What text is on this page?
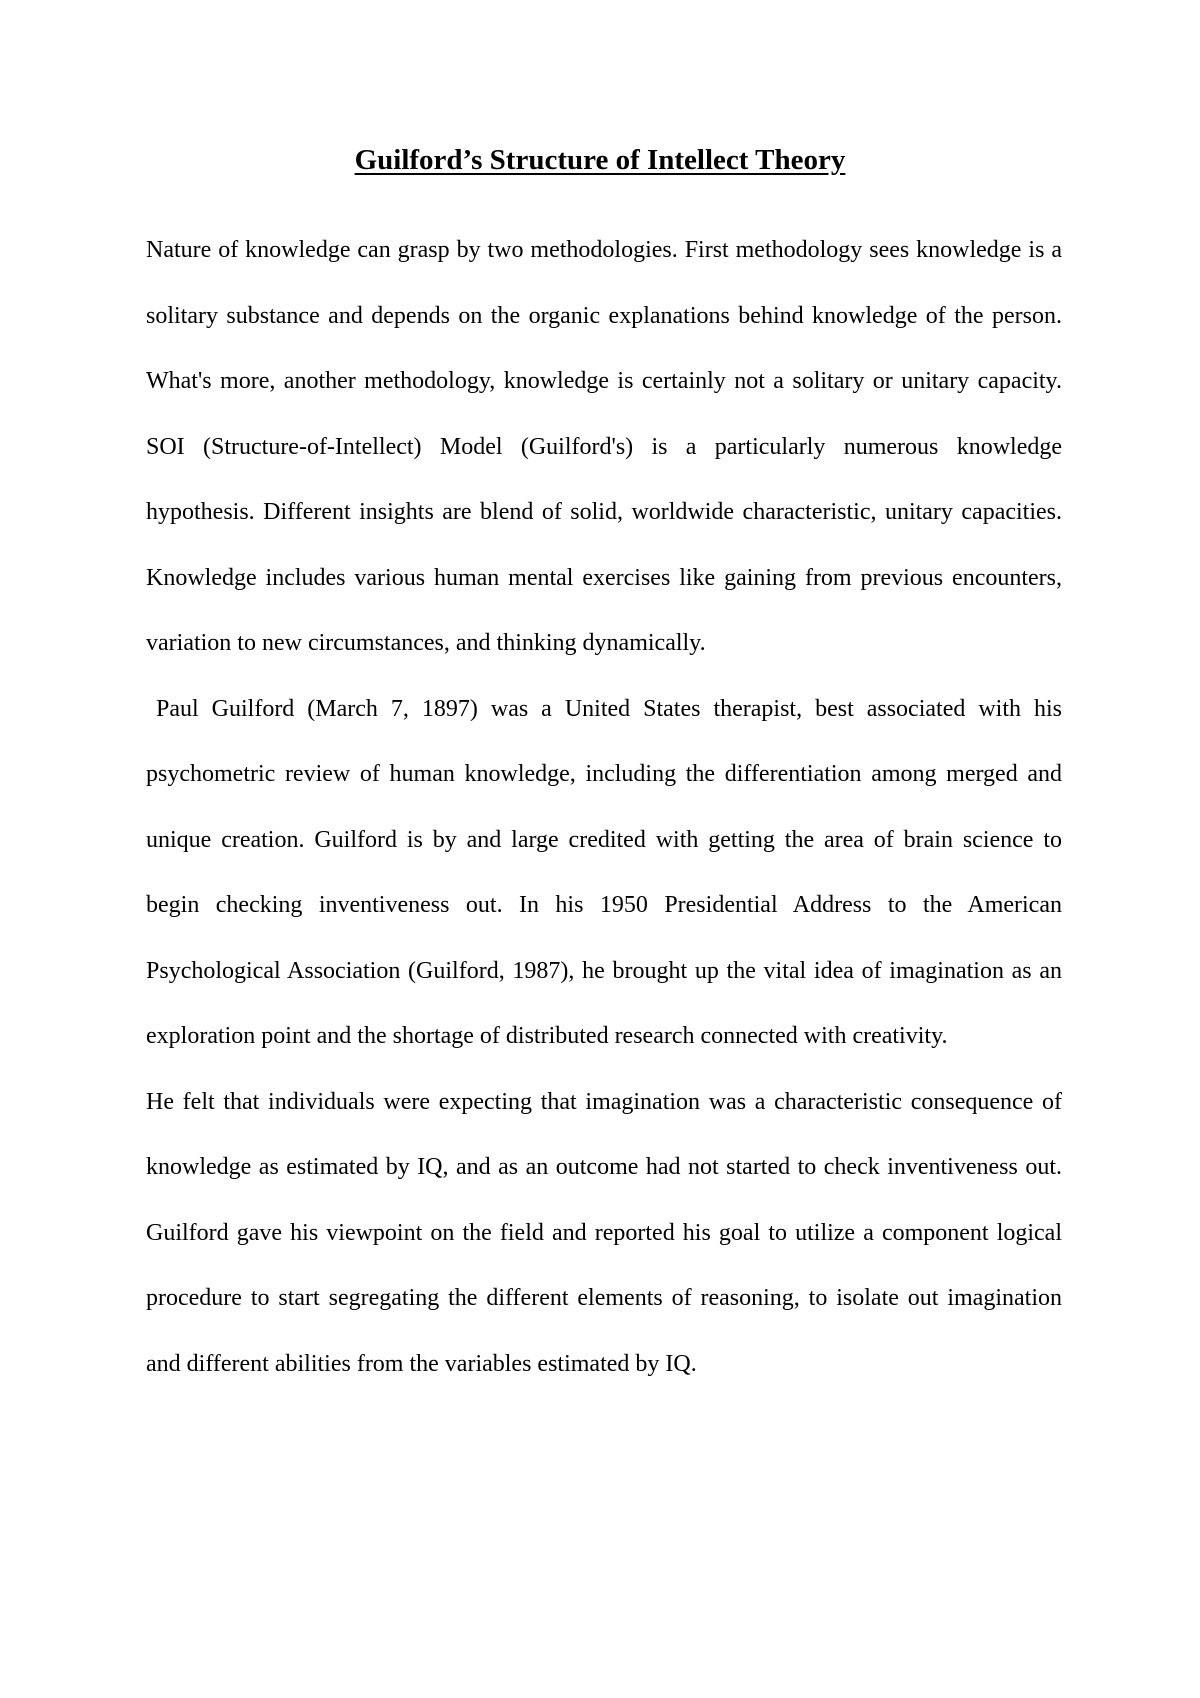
Guilford’s Structure of Intellect Theory

Nature of knowledge can grasp by two methodologies. First methodology sees knowledge is a solitary substance and depends on the organic explanations behind knowledge of the person. What's more, another methodology, knowledge is certainly not a solitary or unitary capacity. SOI (Structure-of-Intellect) Model (Guilford's) is a particularly numerous knowledge hypothesis. Different insights are blend of solid, worldwide characteristic, unitary capacities. Knowledge includes various human mental exercises like gaining from previous encounters, variation to new circumstances, and thinking dynamically.

Paul Guilford (March 7, 1897) was a United States therapist, best associated with his psychometric review of human knowledge, including the differentiation among merged and unique creation. Guilford is by and large credited with getting the area of brain science to begin checking inventiveness out. In his 1950 Presidential Address to the American Psychological Association (Guilford, 1987), he brought up the vital idea of imagination as an exploration point and the shortage of distributed research connected with creativity.

He felt that individuals were expecting that imagination was a characteristic consequence of knowledge as estimated by IQ, and as an outcome had not started to check inventiveness out. Guilford gave his viewpoint on the field and reported his goal to utilize a component logical procedure to start segregating the different elements of reasoning, to isolate out imagination and different abilities from the variables estimated by IQ.
